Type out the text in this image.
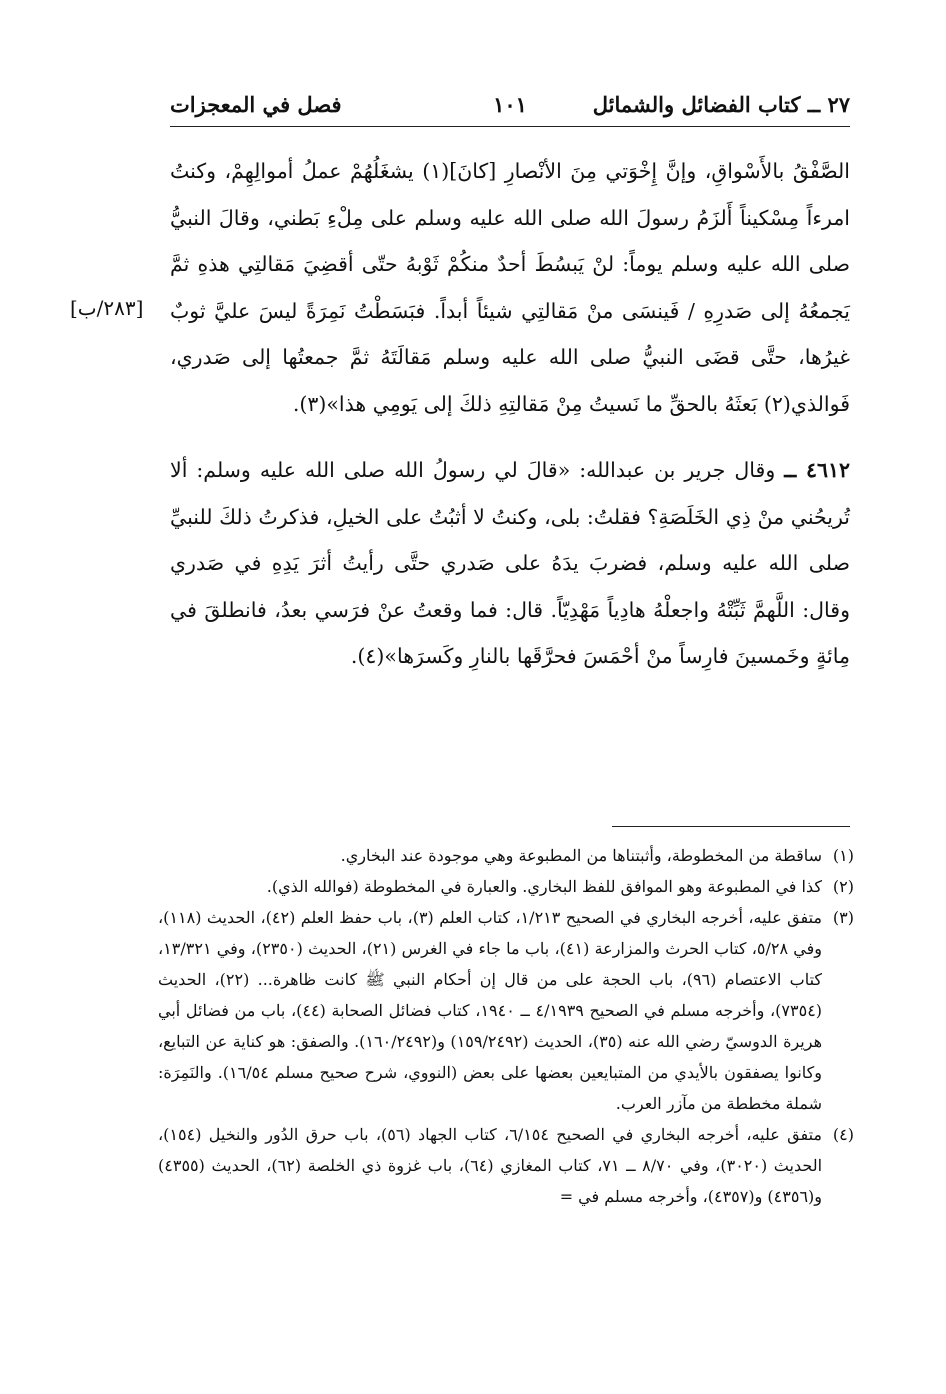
٢٧ ــ كتاب الفضائل والشمائل
١٠١
فصل في المعجزات
[٢٨٣/ب]

الصَّفْقُ بالأَسْواقِ، وإنَّ إِخْوَتي مِنَ الأنْصارِ [كانَ](١) يشغَلُهُمْ عملُ أموالِهِمْ، وكنتُ امرءاً مِسْكيناً أَلزَمُ رسولَ الله صلى الله عليه وسلم على مِلْءِ بَطني، وقالَ النبيُّ صلى الله عليه وسلم يوماً: لنْ يَبسُطَ أحدٌ منكُمْ ثَوْبهُ حتّى أقضِيَ مَقالتِي هذهِ ثمَّ يَجمعُهُ إلى صَدرِهِ / فَينسَى منْ مَقالتِي شيئاً أبداً. فبَسَطْتُ نَمِرَةً ليسَ عليَّ ثوبٌ غيرُها، حتَّى قضَى النبيُّ صلى الله عليه وسلم مَقالَتَهُ ثمَّ جمعتُها إلى صَدري، فَوالذي(٢) بَعثَهُ بالحقِّ ما نَسيتُ مِنْ مَقالتِهِ ذلكَ إلى يَومِي هذا»(٣).

٤٦١٢ ــ وقال جرير بن عبدالله: «قالَ لي رسولُ الله صلى الله عليه وسلم: ألا تُريحُني منْ ذِي الخَلَصَةِ؟ فقلتُ: بلى، وكنتُ لا أثبُتُ على الخيلِ، فذكرتُ ذلكَ للنبيِّ صلى الله عليه وسلم، فضربَ يدَهُ على صَدري حتَّى رأيتُ أثرَ يَدِهِ في صَدري وقال: اللَّهمَّ ثَبِّتْهُ واجعلْهُ هادِياً مَهْدِيّاً. قال: فما وقعتُ عنْ فرَسي بعدُ، فانطلقَ في مِائةٍ وخَمسينَ فارِساً منْ أحْمَسَ فحرَّقَها بالنارِ وكَسرَها»(٤).

(١)
ساقطة من المخطوطة، وأثبتناها من المطبوعة وهي موجودة عند البخاري.
(٢)
كذا في المطبوعة وهو الموافق للفظ البخاري. والعبارة في المخطوطة (فوالله الذي).
(٣)
متفق عليه، أخرجه البخاري في الصحيح ١/٢١٣، كتاب العلم (٣)، باب حفظ العلم (٤٢)، الحديث (١١٨)، وفي ٥/٢٨، كتاب الحرث والمزارعة (٤١)، باب ما جاء في الغرس (٢١)، الحديث (٢٣٥٠)، وفي ١٣/٣٢١، كتاب الاعتصام (٩٦)، باب الحجة على من قال إن أحكام النبي ﷺ كانت ظاهرة... (٢٢)، الحديث (٧٣٥٤)، وأخرجه مسلم في الصحيح ٤/١٩٣٩ ــ ١٩٤٠، كتاب فضائل الصحابة (٤٤)، باب من فضائل أبي هريرة الدوسيّ رضي الله عنه (٣٥)، الحديث (١٥٩/٢٤٩٢) و(١٦٠/٢٤٩٢). والصفق: هو كناية عن التبايع، وكانوا يصفقون بالأيدي من المتبايعين بعضها على بعض (النووي، شرح صحيح مسلم ١٦/٥٤). والنَمِرَة: شملة مخططة من مآزر العرب.
(٤)
متفق عليه، أخرجه البخاري في الصحيح ٦/١٥٤، كتاب الجهاد (٥٦)، باب حرق الدُور والنخيل (١٥٤)، الحديث (٣٠٢٠)، وفي ٨/٧٠ ــ ٧١، كتاب المغازي (٦٤)، باب غزوة ذي الخلصة (٦٢)، الحديث (٤٣٥٥) و(٤٣٥٦) و(٤٣٥٧)، وأخرجه مسلم في =
